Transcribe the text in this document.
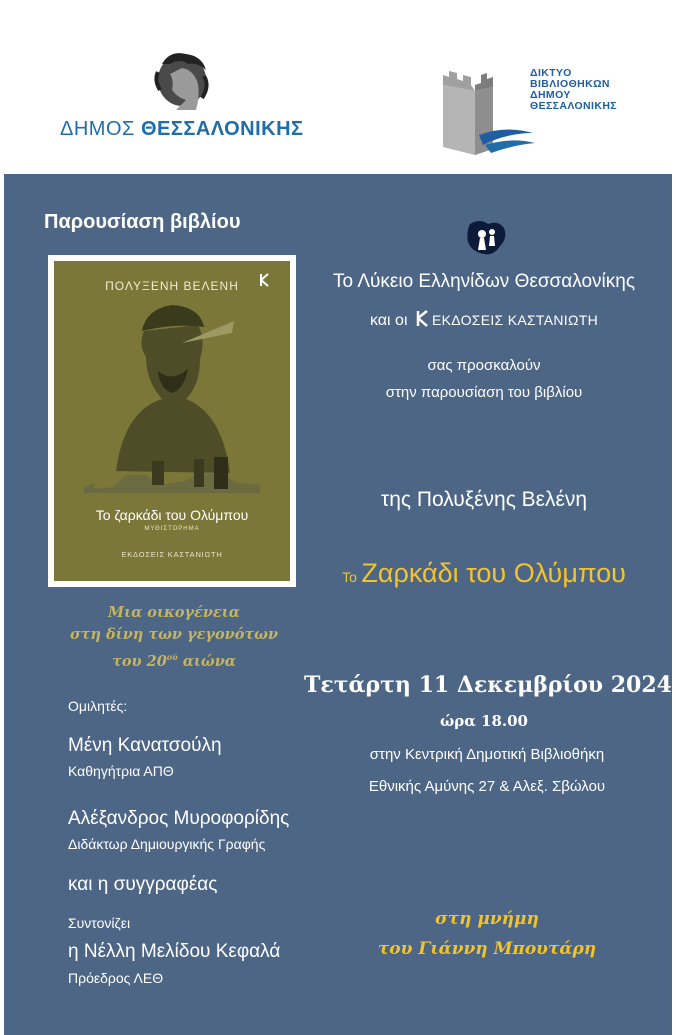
ΔΗΜΟΣ ΘΕΣΣΑΛΟΝΙΚΗΣ
ΔΙΚΤΥΟ
ΒΙΒΛΙΟΘΗΚΩΝ
ΔΗΜΟΥ
ΘΕΣΣΑΛΟΝΙΚΗΣ
Παρουσίαση βιβλίου
ΠΟΛΥΞΕΝΗ ΒΕΛΕΝΗ
Το ζαρκάδι του Ολύμπου
ΜΥΘΙΣΤΟΡΗΜΑ
ΕΚΔΟΣΕΙΣ ΚΑΣΤΑΝΙΩΤΗ
Μια οικογένεια
στη δίνη των γεγονότων
του $20^{oύ}$ αιώνα
Ομιλητές:
Μένη Κανατσούλη
Καθηγήτρια ΑΠΘ
Αλέξανδρος Μυροφορίδης
Διδάκτωρ Δημιουργικής Γραφής
και η συγγραφέας
Συντονίζει
η Νέλλη Μελίδου Κεφαλά
Πρόεδρος ΛΕΘ
Το Λύκειο Ελληνίδων Θεσσαλονίκης
και οι ΕΚΔΟΣΕΙΣ ΚΑΣΤΑΝΙΩΤΗ
σας προσκαλούν
στην παρουσίαση του βιβλίου
της Πολυξένης Βελένη
Το Ζαρκάδι του Ολύμπου
Τετάρτη 11 Δεκεμβρίου 2024
ώρα 18.00
στην Κεντρική Δημοτική Βιβλιοθήκη
Εθνικής Αμύνης 27 & Αλεξ. Σβώλου
στη μνήμη
του Γιάννη Μπουτάρη
